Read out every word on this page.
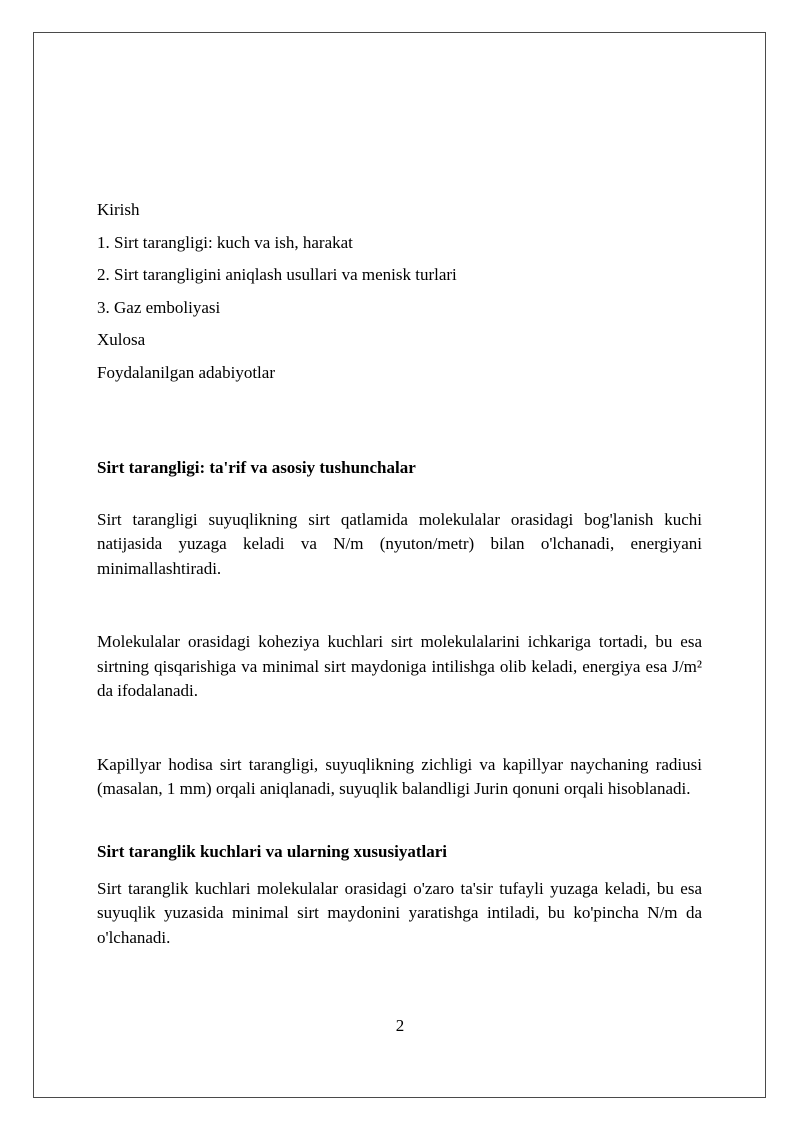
Kirish

1. Sirt tarangligi: kuch va ish, harakat

2. Sirt tarangligini aniqlash usullari va menisk turlari

3. Gaz emboliyasi

Xulosa

Foydalanilgan adabiyotlar

Sirt tarangligi: ta'rif va asosiy tushunchalar

Sirt tarangligi suyuqlikning sirt qatlamida molekulalar orasidagi bog'lanish kuchi natijasida yuzaga keladi va N/m (nyuton/metr) bilan o'lchanadi, energiyani minimallashtiradi.

Molekulalar orasidagi koheziya kuchlari sirt molekulalarini ichkariga tortadi, bu esa sirtning qisqarishiga va minimal sirt maydoniga intilishga olib keladi, energiya esa J/m² da ifodalanadi.

Kapillyar hodisa sirt tarangligi, suyuqlikning zichligi va kapillyar naychaning radiusi (masalan, 1 mm) orqali aniqlanadi, suyuqlik balandligi Jurin qonuni orqali hisoblanadi.

Sirt taranglik kuchlari va ularning xususiyatlari

Sirt taranglik kuchlari molekulalar orasidagi o'zaro ta'sir tufayli yuzaga keladi, bu esa suyuqlik yuzasida minimal sirt maydonini yaratishga intiladi, bu ko'pincha N/m da o'lchanadi.

2
